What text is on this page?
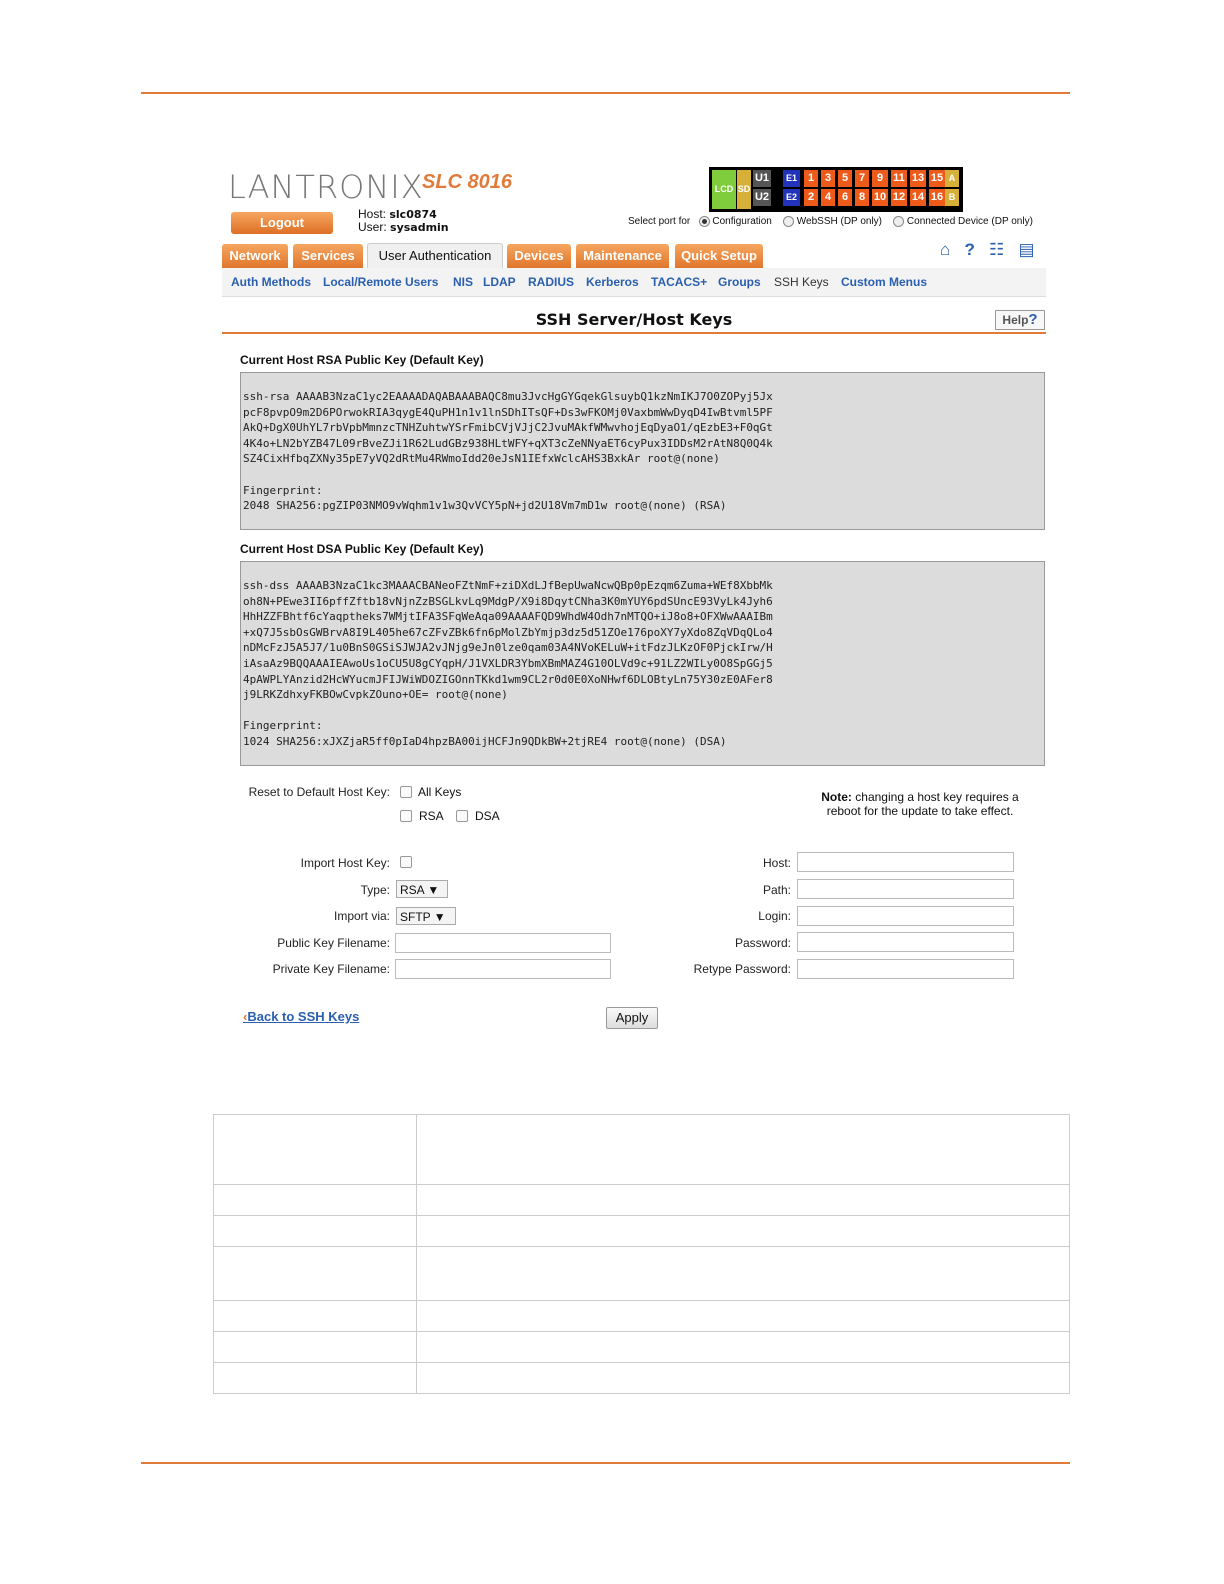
LANTRONIX
SLC 8016
Logout
Host: slc0874
User: sysadmin
LCD SD
U1
U2
E1
E2
1
2
3
4
5
6
7
8
9
10
11
12
13
14
15
16
A
B
Select port for Configuration WebSSH (DP only) Connected Device (DP only)
Network	Services	User Authentication	Devices	Maintenance	Quick Setup	⌂ ? ☷ ▤
Auth Methods Local/Remote Users NIS LDAP RADIUS Kerberos TACACS+ Groups SSH Keys Custom Menus
SSH Server/Host Keys	Help?
Current Host RSA Public Key (Default Key)
ssh-rsa AAAAB3NzaC1yc2EAAAADAQABAAABAQC8mu3JvcHgGYGqekGlsuybQ1kzNmIKJ7O0ZOPyj5Jx
pcF8pvpO9m2D6POrwokRIA3qygE4QuPH1n1v1lnSDhITsQF+Ds3wFKOMj0VaxbmWwDyqD4IwBtvml5PF
AkQ+DgX0UhYL7rbVpbMmnzcTNHZuhtwYSrFmibCVjVJjC2JvuMAkfWMwvhojEqDyaO1/qEzbE3+F0qGt
4K4o+LN2bYZB47L09rBveZJi1R62LudGBz938HLtWFY+qXT3cZeNNyaET6cyPux3IDDsM2rAtN8Q0Q4k
SZ4CixHfbqZXNy35pE7yVQ2dRtMu4RWmoIdd20eJsN1IEfxWclcAHS3BxkAr root@(none)

Fingerprint:
2048 SHA256:pgZIP03NMO9vWqhm1v1w3QvVCY5pN+jd2U18Vm7mD1w root@(none) (RSA)
Current Host DSA Public Key (Default Key)
ssh-dss AAAAB3NzaC1kc3MAAACBANeoFZtNmF+ziDXdLJfBepUwaNcwQBp0pEzqm6Zuma+WEf8XbbMk
oh8N+PEwe3II6pffZftb18vNjnZzBSGLkvLq9MdgP/X9i8DqytCNha3K0mYUY6pdSUncE93VyLk4Jyh6
HhHZZFBhtf6cYaqptheks7WMjtIFA3SFqWeAqa09AAAAFQD9WhdW4Odh7nMTQO+iJ8o8+OFXWwAAAIBm
+xQ7J5sbOsGWBrvA8I9L405he67cZFvZBk6fn6pMolZbYmjp3dz5d51ZOe176poXY7yXdo8ZqVDqQLo4
nDMcFzJ5A5J7/1u0BnS0GSiSJWJA2vJNjg9eJn0lze0qam03A4NVoKELuW+itFdzJLKzOF0PjckIrw/H
iAsaAz9BQQAAAIEAwoUs1oCU5U8gCYqpH/J1VXLDR3YbmXBmMAZ4G10OLVd9c+91LZ2WILy0O8SpGGj5
4pAWPLYAnzid2HcWYucmJFIJWiWDOZIGOnnTKkd1wm9CL2r0d0E0XoNHwf6DLOBtyLn75Y30zE0AFer8
j9LRKZdhxyFKBOwCvpkZOuno+OE= root@(none)

Fingerprint:
1024 SHA256:xJXZjaR5ff0pIaD4hpzBA00ijHCFJn9QDkBW+2tjRE4 root@(none) (DSA)
Reset to Default Host Key: All Keys
RSA	DSA
Note: changing a host key requires a
reboot for the update to take effect.
Import Host Key:
Type: RSA ▼
Import via: SFTP ▼
Public Key Filename:
Private Key Filename:
Host:
Path:
Login:
Password:
Retype Password:
‹Back to SSH Keys	Apply
